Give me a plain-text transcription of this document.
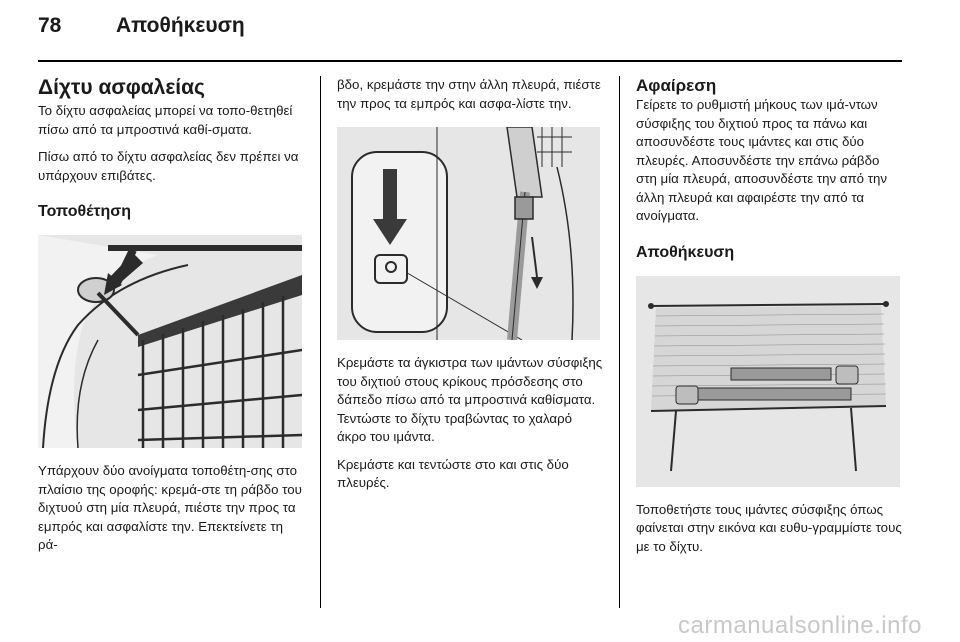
78	Αποθήκευση
Δίχτυ ασφαλείας

Το δίχτυ ασφαλείας μπορεί να τοπο-θετηθεί πίσω από τα μπροστινά καθί-σματα.

Πίσω από το δίχτυ ασφαλείας δεν πρέπει να υπάρχουν επιβάτες.

Τοποθέτηση

Υπάρχουν δύο ανοίγματα τοποθέτη-σης στο πλαίσιο της οροφής: κρεμά-στε τη ράβδο του διχτυού στη μία πλευρά, πιέστε την προς τα εμπρός και ασφαλίστε την. Επεκτείνετε τη ρά-

βδο, κρεμάστε την στην άλλη πλευρά, πιέστε την προς τα εμπρός και ασφα-λίστε την.

Κρεμάστε τα άγκιστρα των ιμάντων σύσφιξης του διχτιού στους κρίκους πρόσδεσης στο δάπεδο πίσω από τα μπροστινά καθίσματα. Τεντώστε το δίχτυ τραβώντας το χαλαρό άκρο του ιμάντα.

Κρεμάστε και τεντώστε στο και στις δύο πλευρές.

Αφαίρεση

Γείρετε το ρυθμιστή μήκους των ιμά-ντων σύσφιξης του διχτιού προς τα πάνω και αποσυνδέστε τους ιμάντες και στις δύο πλευρές. Αποσυνδέστε την επάνω ράβδο στη μία πλευρά, αποσυνδέστε την από την άλλη πλευρά και αφαιρέστε την από τα ανοίγματα.

Αποθήκευση

Τοποθετήστε τους ιμάντες σύσφιξης όπως φαίνεται στην εικόνα και ευθυ-γραμμίστε τους με το δίχτυ.

carmanualsonline.info
